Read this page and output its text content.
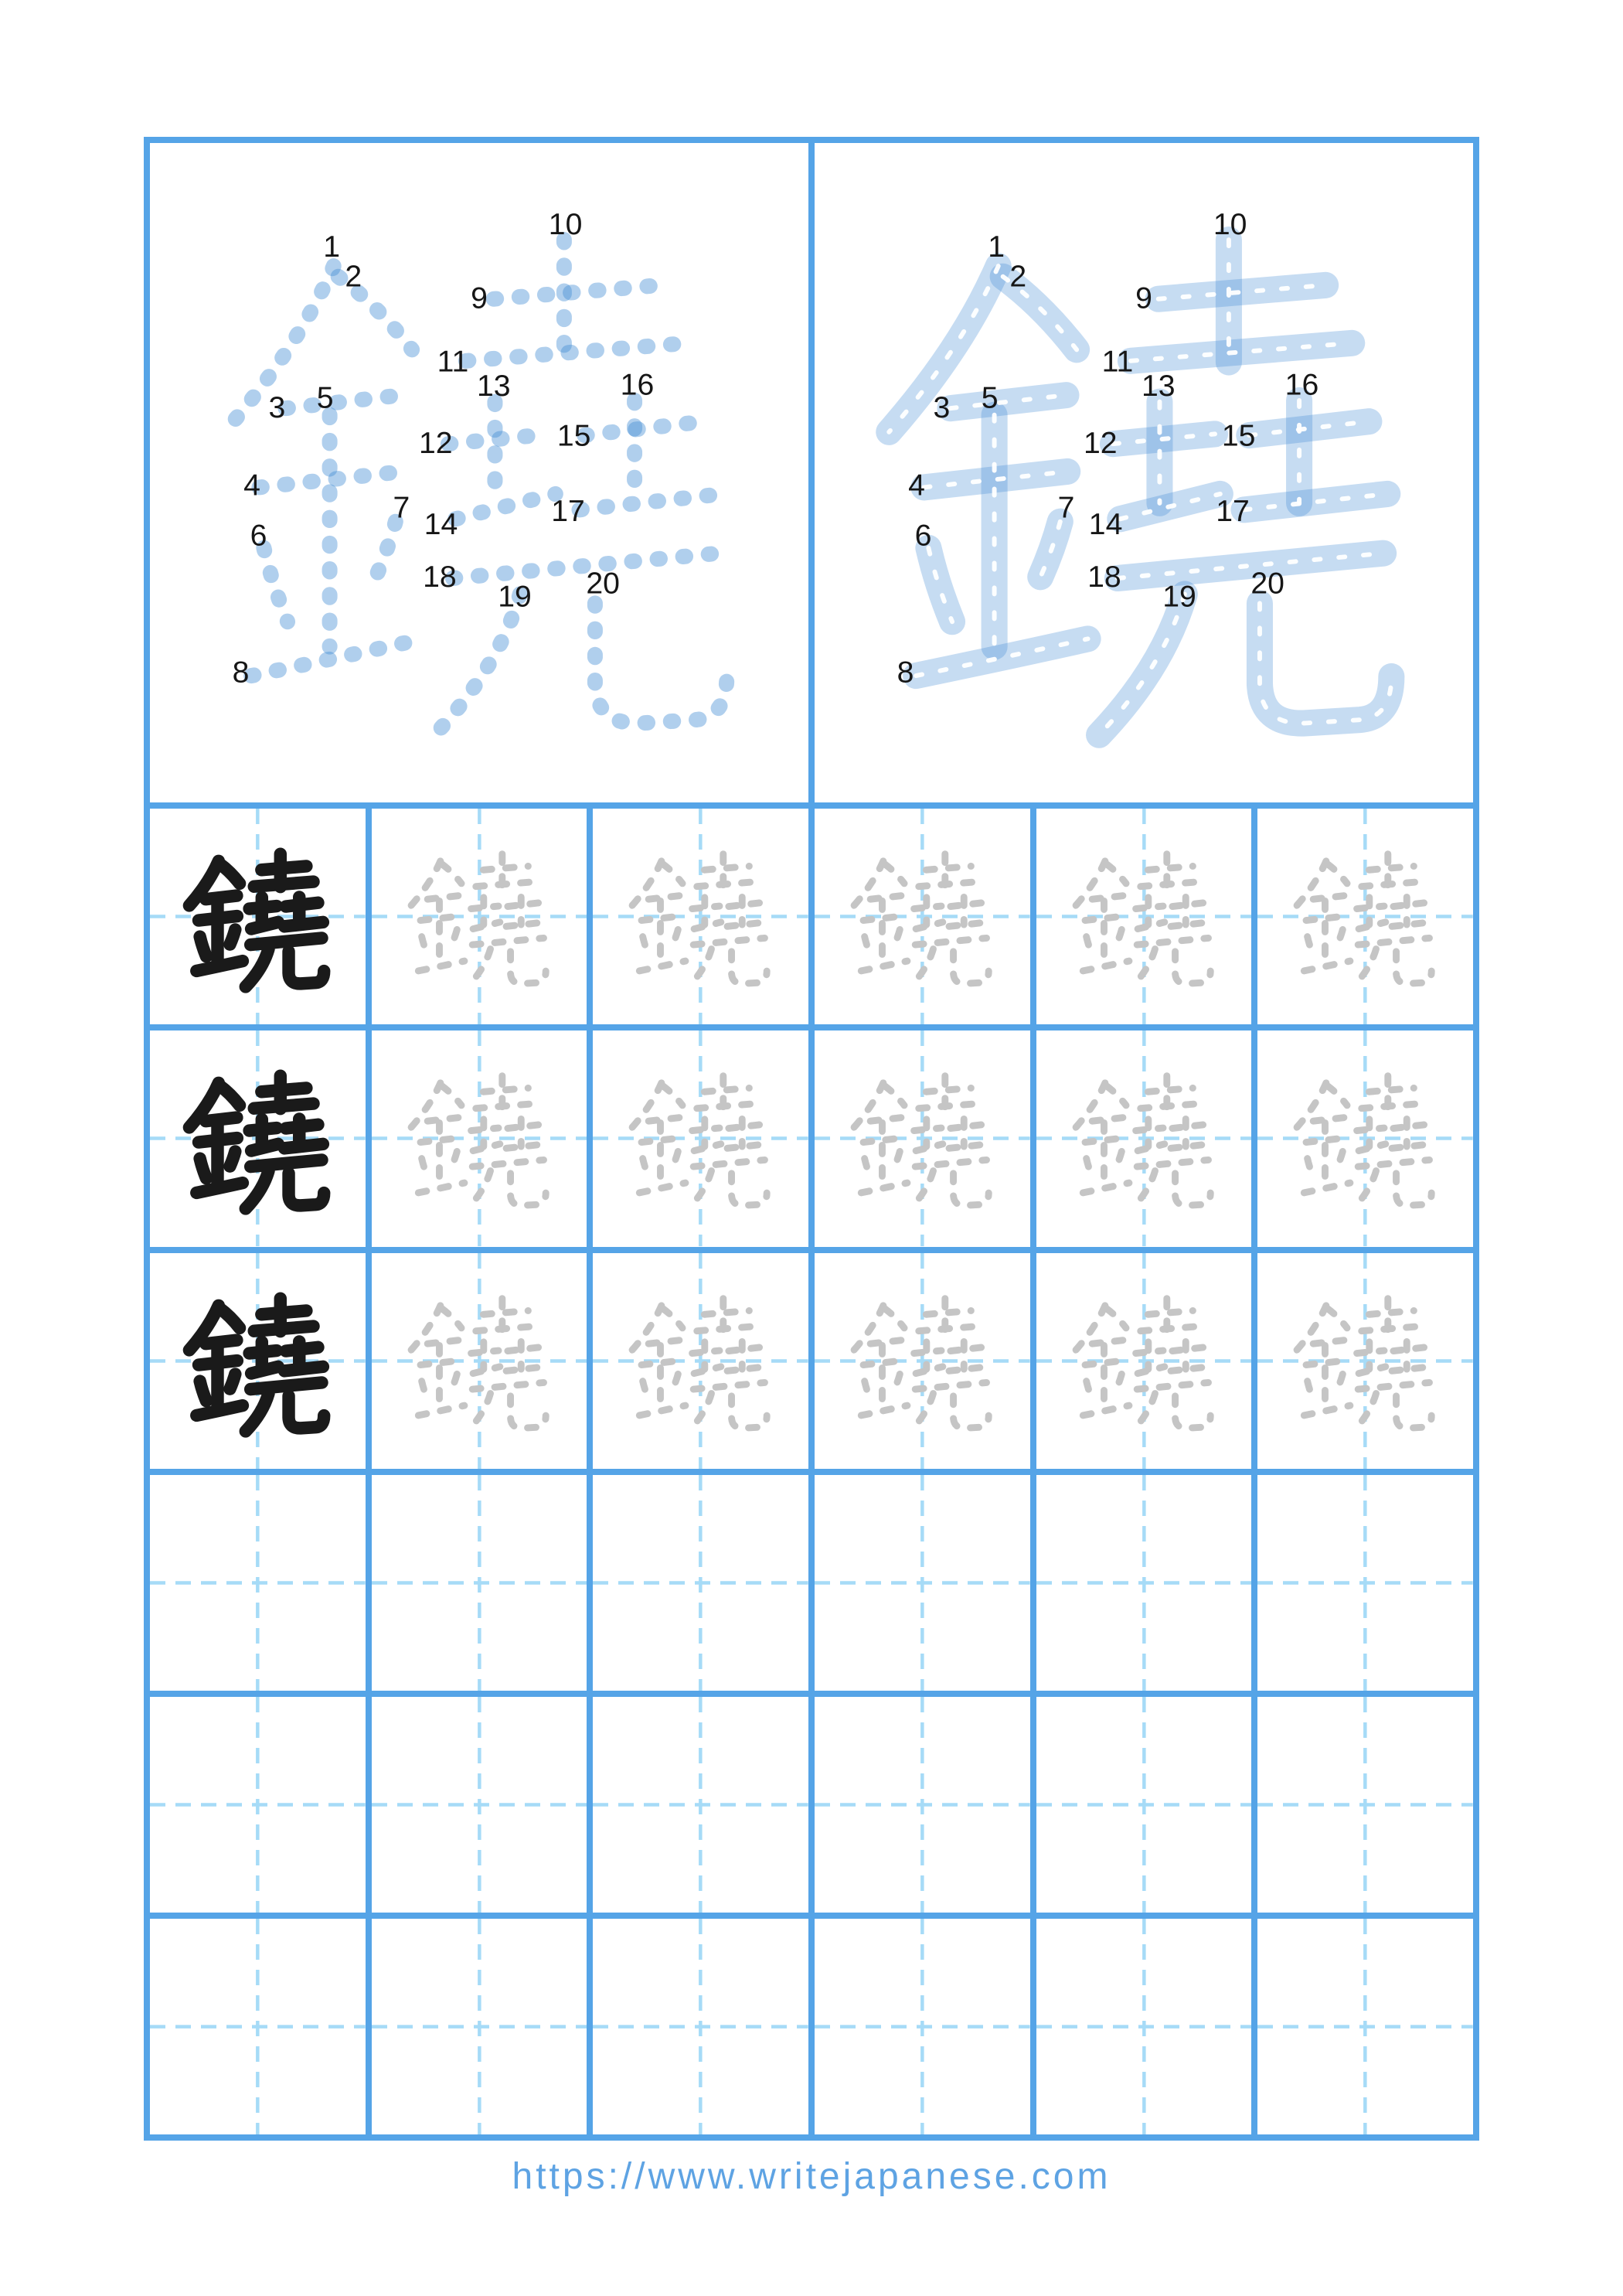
1
2
3
4
5
6
7
8
9
10
11
12
13
14
15
16
17
18
19	20
1
2
3
4
5
6
7
8
9
10
11
12
13
14
15
16
17
18
19	20
https://www.writejapanese.com
